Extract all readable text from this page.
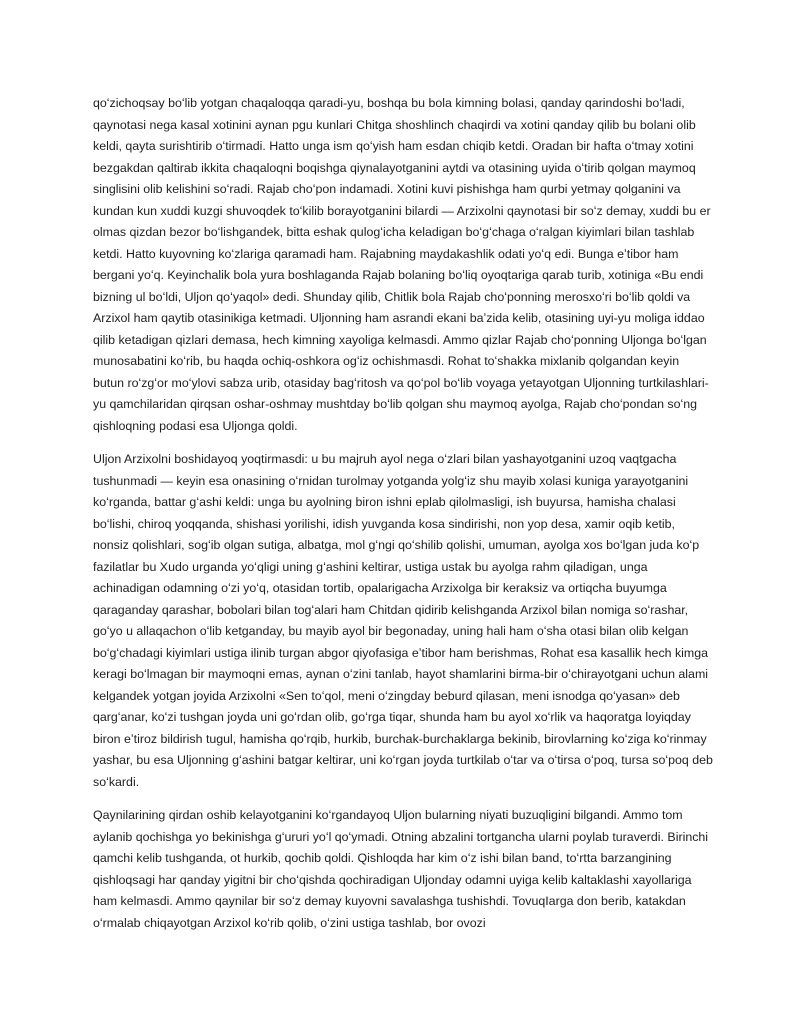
qoʻzichoqsay boʻlib yotgan chaqaloqqa qaradi-yu, boshqa bu bola kimning bolasi, qanday qarindoshi boʻladi, qaynotasi nega kasal xotinini aynan pgu kunlari Chitga shoshlinch chaqirdi va xotini qanday qilib bu bolani olib keldi, qayta surishtirib oʻtirmadi. Hatto unga ism qoʻyish ham esdan chiqib ketdi. Oradan bir hafta oʻtmay xotini bezgakdan qaltirab ikkita chaqaloqni boqishga qiynalayotganini aytdi va otasining uyida oʻtirib qolgan maymoq singlisini olib kelishini soʻradi. Rajab choʻpon indamadi. Xotini kuvi pishishga ham qurbi yetmay qolganini va kundan kun xuddi kuzgi shuvoqdek toʻkilib borayotganini bilardi — Arzixolni qaynotasi bir soʻz demay, xuddi bu er olmas qizdan bezor boʻlishgandek, bitta eshak qulogʻicha keladigan boʻgʻchaga oʻralgan kiyimlari bilan tashlab ketdi. Hatto kuyovning koʻzlariga qaramadi ham. Rajabning maydakashlik odati yoʻq edi. Bunga eʼtibor ham bergani yoʻq. Keyinchalik bola yura boshlaganda Rajab bolaning boʻliq oyoqtariga qarab turib, xotiniga «Bu endi bizning ul boʻldi, Uljon qoʻyaqol» dedi. Shunday qilib, Chitlik bola Rajab choʻponning merosxoʻri boʻlib qoldi va Arzixol ham qaytib otasinikiga ketmadi. Uljonning ham asrandi ekani baʼzida kelib, otasining uyi-yu moliga iddao qilib ketadigan qizlari demasa, hech kimning xayoliga kelmasdi. Ammo qizlar Rajab choʻponning Uljonga boʻlgan munosabatini koʻrib, bu haqda ochiq-oshkora ogʻiz ochishmasdi. Rohat toʻshakka mixlanib qolgandan keyin butun roʻzgʻor moʻylovi sabza urib, otasiday bagʻritosh va qoʻpol boʻlib voyaga yetayotgan Uljonning turtkilashlari- yu qamchilaridan qirqsan oshar-oshmay mushtday boʻlib qolgan shu maymoq ayolga, Rajab choʻpondan soʻng qishloqning podasi esa Uljonga qoldi.

Uljon Arzixolni boshidayoq yoqtirmasdi: u bu majruh ayol nega oʻzlari bilan yashayotganini uzoq vaqtgacha tushunmadi — keyin esa onasining oʻrnidan turolmay yotganda yolgʻiz shu mayib xolasi kuniga yarayotganini koʻrganda, battar gʻashi keldi: unga bu ayolning biron ishni eplab qilolmasligi, ish buyursa, hamisha chalasi boʻlishi, chiroq yoqqanda, shishasi yorilishi, idish yuvganda kosa sindirishi, non yop desa, xamir oqib ketib, nonsiz qolishlari, sogʻib olgan sutiga, albatga, mol gʻngi qoʻshilib qolishi, umuman, ayolga xos boʻlgan juda koʻp fazilatlar bu Xudo urganda yoʻqligi uning gʻashini keltirar, ustiga ustak bu ayolga rahm qiladigan, unga achinadigan odamning oʻzi yoʻq, otasidan tortib, opalarigacha Arzixolga bir keraksiz va ortiqcha buyumga qaraganday qarashar, bobolari bilan togʻalari ham Chitdan qidirib kelishganda Arzixol bilan nomiga soʻrashar, goʻyo u allaqachon oʻlib ketganday, bu mayib ayol bir begonaday, uning hali ham oʻsha otasi bilan olib kelgan boʻgʻchadagi kiyimlari ustiga ilinib turgan abgor qiyofasiga eʼtibor ham berishmas, Rohat esa kasallik hech kimga keragi boʻlmagan bir maymoqni emas, aynan oʻzini tanlab, hayot shamlarini birma-bir oʻchirayotgani uchun alami kelgandek yotgan joyida Arzixolni «Sen toʻqol, meni oʻzingday beburd qilasan, meni isnodga qoʻyasan» deb qargʻanar, koʻzi tushgan joyda uni goʻrdan olib, goʻrga tiqar, shunda ham bu ayol xoʻrlik va haqoratga loyiqday biron eʼtiroz bildirish tugul, hamisha qoʻrqib, hurkib, burchak-burchaklarga bekinib, birovlarning koʻziga koʻrinmay yashar, bu esa Uljonning gʻashini batgar keltirar, uni koʻrgan joyda turtkilab oʻtar va oʻtirsa oʻpoq, tursa soʻpoq deb soʻkardi.

Qaynilarining qirdan oshib kelayotganini koʻrgandayoq Uljon bularning niyati buzuqligini bilgandi. Ammo tom aylanib qochishga yo bekinishga gʻururi yoʻl qoʻymadi. Otning abzalini tortgancha ularni poylab turaverdi. Birinchi qamchi kelib tushganda, ot hurkib, qochib qoldi. Qishloqda har kim oʻz ishi bilan band, toʻrtta barzangining qishloqsagi har qanday yigitni bir choʻqishda qochiradigan Uljonday odamni uyiga kelib kaltaklashi xayollariga ham kelmasdi. Ammo qaynilar bir soʻz demay kuyovni savalashga tushishdi. TovuqIarga don berib, katakdan oʻrmalab chiqayotgan Arzixol koʻrib qolib, oʻzini ustiga tashlab, bor ovozi
